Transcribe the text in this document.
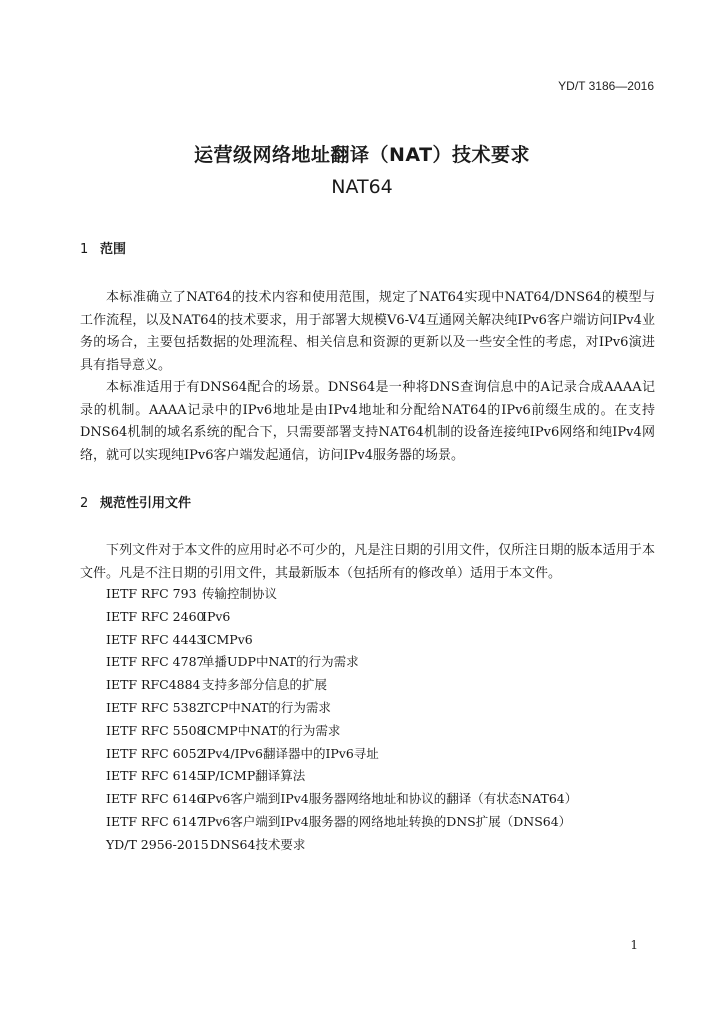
YD/T 3186—2016
运营级网络地址翻译（NAT）技术要求
NAT64
1 范围
本标准确立了NAT64的技术内容和使用范围，规定了NAT64实现中NAT64/DNS64的模型与工作流程，以及NAT64的技术要求，用于部署大规模V6-V4互通网关解决纯IPv6客户端访问IPv4业务的场合，主要包括数据的处理流程、相关信息和资源的更新以及一些安全性的考虑，对IPv6演进具有指导意义。
本标准适用于有DNS64配合的场景。DNS64是一种将DNS查询信息中的A记录合成AAAA记录的机制。AAAA记录中的IPv6地址是由IPv4地址和分配给NAT64的IPv6前缀生成的。在支持DNS64机制的域名系统的配合下，只需要部署支持NAT64机制的设备连接纯IPv6网络和纯IPv4网络，就可以实现纯IPv6客户端发起通信，访问IPv4服务器的场景。
2 规范性引用文件
下列文件对于本文件的应用时必不可少的，凡是注日期的引用文件，仅所注日期的版本适用于本文件。凡是不注日期的引用文件，其最新版本（包括所有的修改单）适用于本文件。
IETF RFC 793 传输控制协议
IETF RFC 2460IPv6
IETF RFC 4443ICMPv6
IETF RFC 4787单播UDP中NAT的行为需求
IETF RFC4884支持多部分信息的扩展
IETF RFC 5382TCP中NAT的行为需求
IETF RFC 5508ICMP中NAT的行为需求
IETF RFC 6052IPv4/IPv6翻译器中的IPv6寻址
IETF RFC 6145IP/ICMP翻译算法
IETF RFC 6146IPv6客户端到IPv4服务器网络地址和协议的翻译（有状态NAT64）
IETF RFC 6147IPv6客户端到IPv4服务器的网络地址转换的DNS扩展（DNS64）
YD/T 2956-2015DNS64技术要求
1
